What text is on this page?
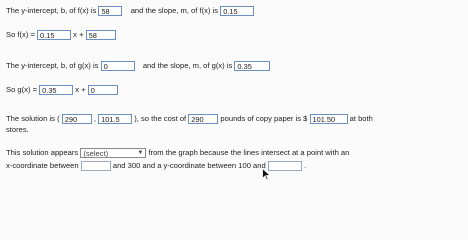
The y-intercept, b, of f(x) is 58	and the slope, m, of f(x) is 0.15
So f(x) = 0.15 x + 58
The y-intercept, b, of g(x) is 0	and the slope, m, of g(x) is 0.35
So g(x) = 0.35 x + 0
The solution is ( 290 , 101.5 ), so the cost of 290 pounds of copy paper is $ 101.50 at both
stores.
This solution appears (select)	▼ from the graph because the lines intersect at a point with an
x-coordinate between	and 300 and a y-coordinate between 100 and	.
